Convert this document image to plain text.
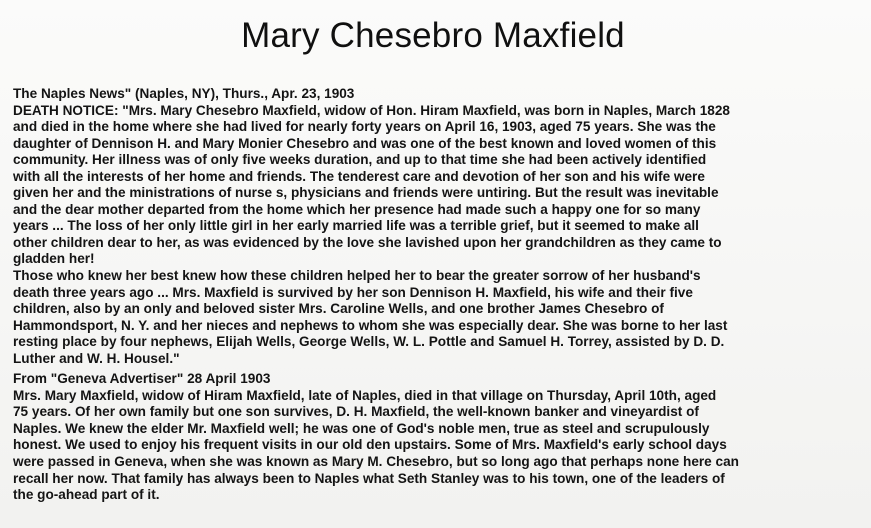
Mary Chesebro Maxfield
The Naples News" (Naples, NY), Thurs., Apr. 23, 1903
DEATH NOTICE: "Mrs. Mary Chesebro Maxfield, widow of Hon. Hiram Maxfield, was born in Naples, March 1828
and died in the home where she had lived for nearly forty years on April 16, 1903, aged 75 years. She was the
daughter of Dennison H. and Mary Monier Chesebro and was one of the best known and loved women of this
community. Her illness was of only five weeks duration, and up to that time she had been actively identified
with all the interests of her home and friends. The tenderest care and devotion of her son and his wife were
given her and the ministrations of nurse s, physicians and friends were untiring. But the result was inevitable
and the dear mother departed from the home which her presence had made such a happy one for so many
years ... The loss of her only little girl in her early married life was a terrible grief, but it seemed to make all
other children dear to her, as was evidenced by the love she lavished upon her grandchildren as they came to
gladden her!
Those who knew her best knew how these children helped her to bear the greater sorrow of her husband's
death three years ago ... Mrs. Maxfield is survived by her son Dennison H. Maxfield, his wife and their five
children, also by an only and beloved sister Mrs. Caroline Wells, and one brother James Chesebro of
Hammondsport, N. Y. and her nieces and nephews to whom she was especially dear. She was borne to her last
resting place by four nephews, Elijah Wells, George Wells, W. L. Pottle and Samuel H. Torrey, assisted by D. D.
Luther and W. H. Housel."
From "Geneva Advertiser" 28 April 1903
Mrs. Mary Maxfield, widow of Hiram Maxfield, late of Naples, died in that village on Thursday, April 10th, aged
75 years. Of her own family but one son survives, D. H. Maxfield, the well-known banker and vineyardist of
Naples. We knew the elder Mr. Maxfield well; he was one of God's noble men, true as steel and scrupulously
honest. We used to enjoy his frequent visits in our old den upstairs. Some of Mrs. Maxfield's early school days
were passed in Geneva, when she was known as Mary M. Chesebro, but so long ago that perhaps none here can
recall her now. That family has always been to Naples what Seth Stanley was to his town, one of the leaders of
the go-ahead part of it.
